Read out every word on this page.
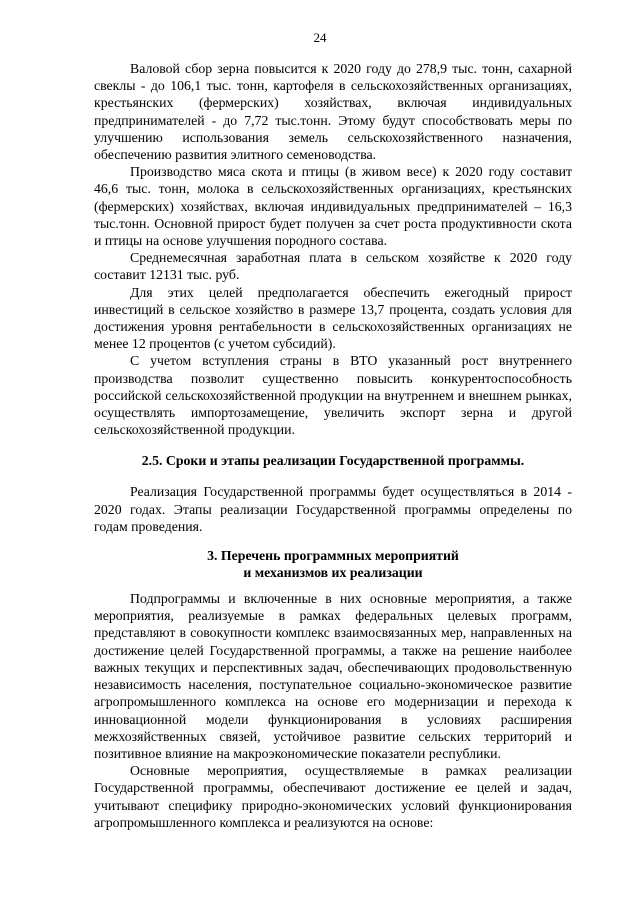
24

Валовой сбор зерна повысится к 2020 году до 278,9 тыс. тонн, сахарной свеклы - до 106,1 тыс. тонн, картофеля в сельскохозяйственных организациях, крестьянских (фермерских) хозяйствах, включая индивидуальных предпринимателей - до 7,72 тыс.тонн. Этому будут способствовать меры по улучшению использования земель сельскохозяйственного назначения, обеспечению развития элитного семеноводства.

Производство мяса скота и птицы (в живом весе) к 2020 году составит 46,6 тыс. тонн, молока в сельскохозяйственных организациях, крестьянских (фермерских) хозяйствах, включая индивидуальных предпринимателей – 16,3 тыс.тонн. Основной прирост будет получен за счет роста продуктивности скота и птицы на основе улучшения породного состава.

Среднемесячная заработная плата в сельском хозяйстве к 2020 году составит 12131 тыс. руб.

Для этих целей предполагается обеспечить ежегодный прирост инвестиций в сельское хозяйство в размере 13,7 процента, создать условия для достижения уровня рентабельности в сельскохозяйственных организациях не менее 12 процентов (с учетом субсидий).

С учетом вступления страны в ВТО указанный рост внутреннего производства позволит существенно повысить конкурентоспособность российской сельскохозяйственной продукции на внутреннем и внешнем рынках, осуществлять импортозамещение, увеличить экспорт зерна и другой сельскохозяйственной продукции.

2.5. Сроки и этапы реализации Государственной программы.

Реализация Государственной программы будет осуществляться в 2014 - 2020 годах. Этапы реализации Государственной программы определены по годам проведения.

3. Перечень программных мероприятий
и механизмов их реализации

Подпрограммы и включенные в них основные мероприятия, а также мероприятия, реализуемые в рамках федеральных целевых программ, представляют в совокупности комплекс взаимосвязанных мер, направленных на достижение целей Государственной программы, а также на решение наиболее важных текущих и перспективных задач, обеспечивающих продовольственную независимость населения, поступательное социально-экономическое развитие агропромышленного комплекса на основе его модернизации и перехода к инновационной модели функционирования в условиях расширения межхозяйственных связей, устойчивое развитие сельских территорий и позитивное влияние на макроэкономические показатели республики.

Основные мероприятия, осуществляемые в рамках реализации Государственной программы, обеспечивают достижение ее целей и задач, учитывают специфику природно-экономических условий функционирования агропромышленного комплекса и реализуются на основе:
